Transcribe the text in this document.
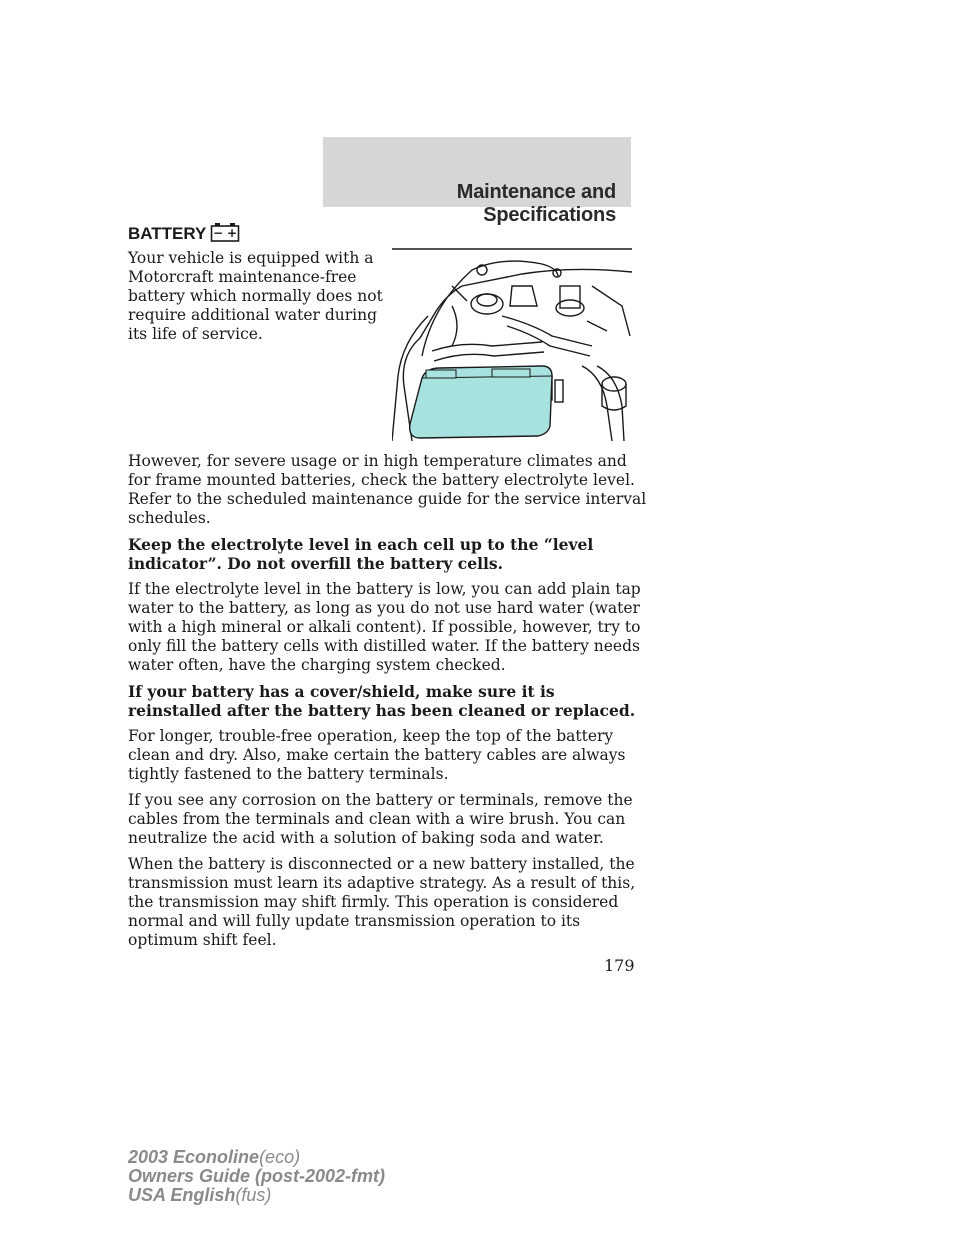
Maintenance and Specifications
BATTERY − +

Your vehicle is equipped with a Motorcraft maintenance-free battery which normally does not require additional water during its life of service.

However, for severe usage or in high temperature climates and for frame mounted batteries, check the battery electrolyte level. Refer to the scheduled maintenance guide for the service interval schedules.

Keep the electrolyte level in each cell up to the “level indicator”. Do not overfill the battery cells.

If the electrolyte level in the battery is low, you can add plain tap water to the battery, as long as you do not use hard water (water with a high mineral or alkali content). If possible, however, try to only fill the battery cells with distilled water. If the battery needs water often, have the charging system checked.

If your battery has a cover/shield, make sure it is reinstalled after the battery has been cleaned or replaced.

For longer, trouble-free operation, keep the top of the battery clean and dry. Also, make certain the battery cables are always tightly fastened to the battery terminals.

If you see any corrosion on the battery or terminals, remove the cables from the terminals and clean with a wire brush. You can neutralize the acid with a solution of baking soda and water.

When the battery is disconnected or a new battery installed, the transmission must learn its adaptive strategy. As a result of this, the transmission may shift firmly. This operation is considered normal and will fully update transmission operation to its optimum shift feel.

179
2003 Econoline(eco)
Owners Guide (post-2002-fmt)
USA English(fus)
